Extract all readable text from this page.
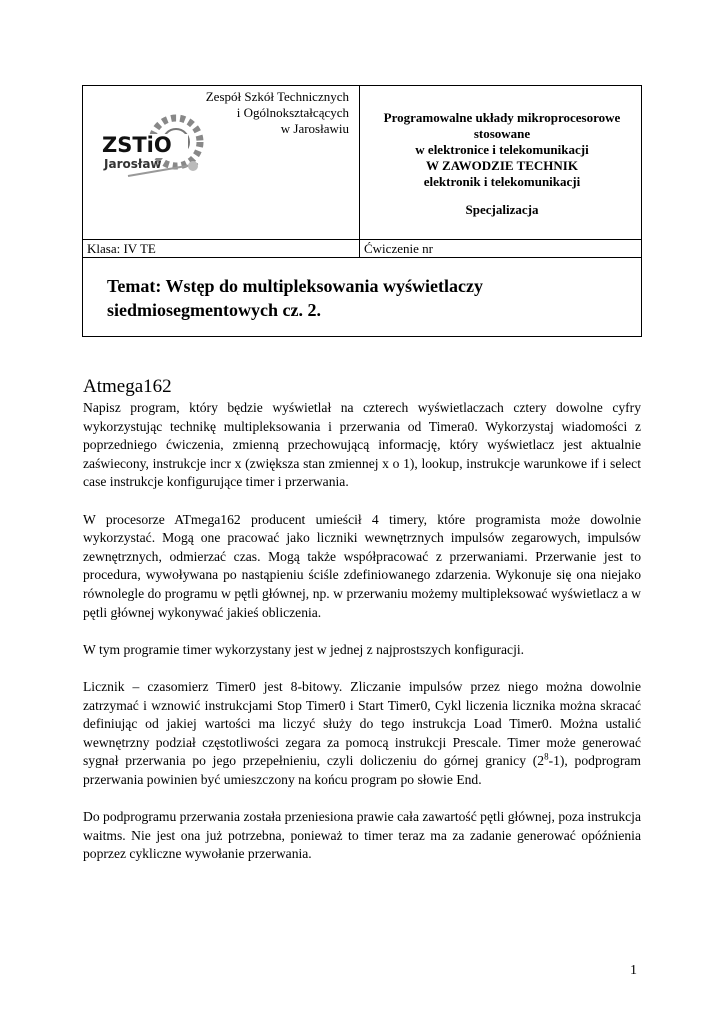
ZSTiO
Jarosław
Zespół Szkół Technicznych
i Ogólnokształcących
w Jarosławiu
Programowalne układy mikroprocesorowe
stosowane
w elektronice i telekomunikacji
W ZAWODZIE TECHNIK
elektronik i telekomunikacji
Specjalizacja
Klasa: IV TE	Ćwiczenie nr
Temat: Wstęp do multipleksowania wyświetlaczy
siedmiosegmentowych cz. 2.
Atmega162

Napisz program, który będzie wyświetlał na czterech wyświetlaczach cztery dowolne cyfry wykorzystując technikę multipleksowania i przerwania od Timera0. Wykorzystaj wiadomości z poprzedniego ćwiczenia, zmienną przechowującą informację, który wyświetlacz jest aktualnie zaświecony, instrukcje incr x (zwiększa stan zmiennej x o 1), lookup, instrukcje warunkowe if i select case instrukcje konfigurujące timer i przerwania.

W procesorze ATmega162 producent umieścił 4 timery, które programista może dowolnie wykorzystać. Mogą one pracować jako liczniki wewnętrznych impulsów zegarowych, impulsów zewnętrznych, odmierzać czas. Mogą także współpracować z przerwaniami. Przerwanie jest to procedura, wywoływana po nastąpieniu ściśle zdefiniowanego zdarzenia. Wykonuje się ona niejako równolegle do programu w pętli głównej, np. w przerwaniu możemy multipleksować wyświetlacz a w pętli głównej wykonywać jakieś obliczenia.

W tym programie timer wykorzystany jest w jednej z najprostszych konfiguracji.

Licznik – czasomierz Timer0 jest 8-bitowy. Zliczanie impulsów przez niego można dowolnie zatrzymać i wznowić instrukcjami Stop Timer0 i Start Timer0, Cykl liczenia licznika można skracać definiując od jakiej wartości ma liczyć służy do tego instrukcja Load Timer0. Można ustalić wewnętrzny podział częstotliwości zegara za pomocą instrukcji Prescale. Timer może generować sygnał przerwania po jego przepełnieniu, czyli doliczeniu do górnej granicy $(2^8-1)$, podprogram przerwania powinien być umieszczony na końcu program po słowie End.

Do podprogramu przerwania została przeniesiona prawie cała zawartość pętli głównej, poza instrukcja waitms. Nie jest ona już potrzebna, ponieważ to timer teraz ma za zadanie generować opóźnienia poprzez cykliczne wywołanie przerwania.

1
